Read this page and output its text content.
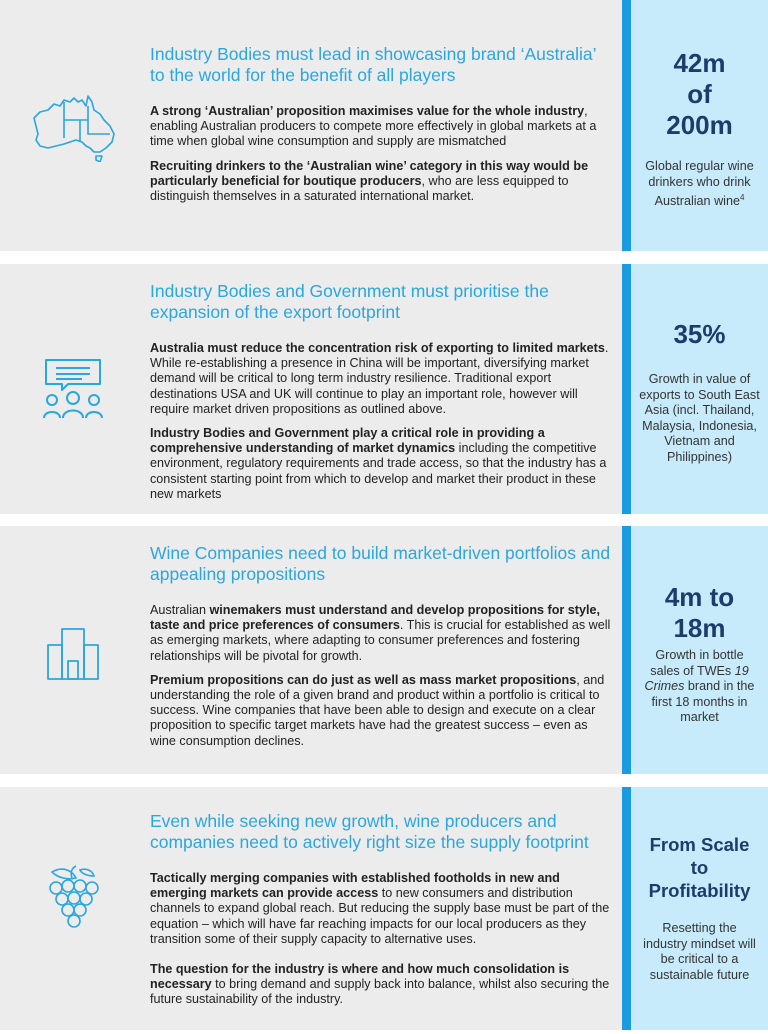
Industry Bodies must lead in showcasing brand ‘Australia’ to the world for the benefit of all players

A strong ‘Australian’ proposition maximises value for the whole industry, enabling Australian producers to compete more effectively in global markets at a time when global wine consumption and supply are mismatched

Recruiting drinkers to the ‘Australian wine’ category in this way would be particularly beneficial for boutique producers, who are less equipped to distinguish themselves in a saturated international market.

42m
of
200m
Global regular wine drinkers who drink Australian wine$^4$
Industry Bodies and Government must prioritise the expansion of the export footprint

Australia must reduce the concentration risk of exporting to limited markets. While re-establishing a presence in China will be important, diversifying market demand will be critical to long term industry resilience. Traditional export destinations USA and UK will continue to play an important role, however will require market driven propositions as outlined above.

Industry Bodies and Government play a critical role in providing a comprehensive understanding of market dynamics including the competitive environment, regulatory requirements and trade access, so that the industry has a consistent starting point from which to develop and market their product in these new markets

35%
Growth in value of exports to South East Asia (incl. Thailand, Malaysia, Indonesia, Vietnam and Philippines)
Wine Companies need to build market-driven portfolios and appealing propositions

Australian winemakers must understand and develop propositions for style, taste and price preferences of consumers. This is crucial for established as well as emerging markets, where adapting to consumer preferences and fostering relationships will be pivotal for growth.

Premium propositions can do just as well as mass market propositions, and understanding the role of a given brand and product within a portfolio is critical to success. Wine companies that have been able to design and execute on a clear proposition to specific target markets have had the greatest success – even as wine consumption declines.

4m to
18m
Growth in bottle sales of TWEs 19 Crimes brand in the first 18 months in market
Even while seeking new growth, wine producers and companies need to actively right size the supply footprint

Tactically merging companies with established footholds in new and emerging markets can provide access to new consumers and distribution channels to expand global reach. But reducing the supply base must be part of the equation – which will have far reaching impacts for our local producers as they transition some of their supply capacity to alternative uses.

The question for the industry is where and how much consolidation is necessary to bring demand and supply back into balance, whilst also securing the future sustainability of the industry.

From Scale
to
Profitability
Resetting the industry mindset will be critical to a sustainable future
